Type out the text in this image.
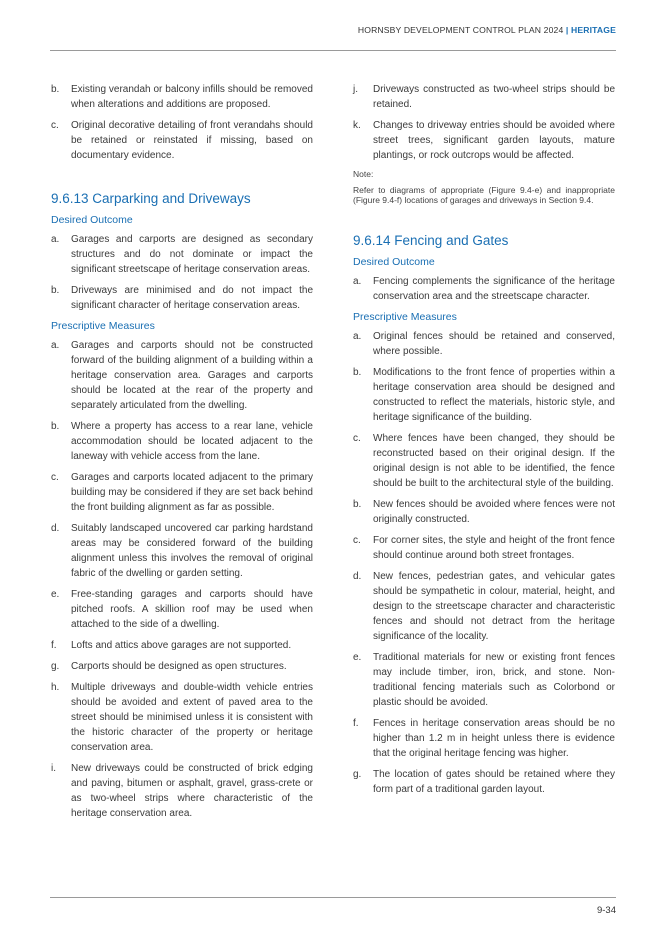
HORNSBY DEVELOPMENT CONTROL PLAN 2024 | HERITAGE
b. Existing verandah or balcony infills should be removed when alterations and additions are proposed.
c. Original decorative detailing of front verandahs should be retained or reinstated if missing, based on documentary evidence.
9.6.13 Carparking and Driveways
Desired Outcome
a. Garages and carports are designed as secondary structures and do not dominate or impact the significant streetscape of heritage conservation areas.
b. Driveways are minimised and do not impact the significant character of heritage conservation areas.
Prescriptive Measures
a. Garages and carports should not be constructed forward of the building alignment of a building within a heritage conservation area. Garages and carports should be located at the rear of the property and separately articulated from the dwelling.
b. Where a property has access to a rear lane, vehicle accommodation should be located adjacent to the laneway with vehicle access from the lane.
c. Garages and carports located adjacent to the primary building may be considered if they are set back behind the front building alignment as far as possible.
d. Suitably landscaped uncovered car parking hardstand areas may be considered forward of the building alignment unless this involves the removal of original fabric of the dwelling or garden setting.
e. Free-standing garages and carports should have pitched roofs. A skillion roof may be used when attached to the side of a dwelling.
f. Lofts and attics above garages are not supported.
g. Carports should be designed as open structures.
h. Multiple driveways and double-width vehicle entries should be avoided and extent of paved area to the street should be minimised unless it is consistent with the historic character of the property or heritage conservation area.
i. New driveways could be constructed of brick edging and paving, bitumen or asphalt, gravel, grass-crete or as two-wheel strips where characteristic of the heritage conservation area.
j. Driveways constructed as two-wheel strips should be retained.
k. Changes to driveway entries should be avoided where street trees, significant garden layouts, mature plantings, or rock outcrops would be affected.
Note:
Refer to diagrams of appropriate (Figure 9.4-e) and inappropriate (Figure 9.4-f) locations of garages and driveways in Section 9.4.
9.6.14 Fencing and Gates
Desired Outcome
a. Fencing complements the significance of the heritage conservation area and the streetscape character.
Prescriptive Measures
a. Original fences should be retained and conserved, where possible.
b. Modifications to the front fence of properties within a heritage conservation area should be designed and constructed to reflect the materials, historic style, and heritage significance of the building.
c. Where fences have been changed, they should be reconstructed based on their original design. If the original design is not able to be identified, the fence should be built to the architectural style of the building.
b. New fences should be avoided where fences were not originally constructed.
c. For corner sites, the style and height of the front fence should continue around both street frontages.
d. New fences, pedestrian gates, and vehicular gates should be sympathetic in colour, material, height, and design to the streetscape character and characteristic fences and should not detract from the heritage significance of the locality.
e. Traditional materials for new or existing front fences may include timber, iron, brick, and stone. Non-traditional fencing materials such as Colorbond or plastic should be avoided.
f. Fences in heritage conservation areas should be no higher than 1.2 m in height unless there is evidence that the original heritage fencing was higher.
g. The location of gates should be retained where they form part of a traditional garden layout.
9-34
